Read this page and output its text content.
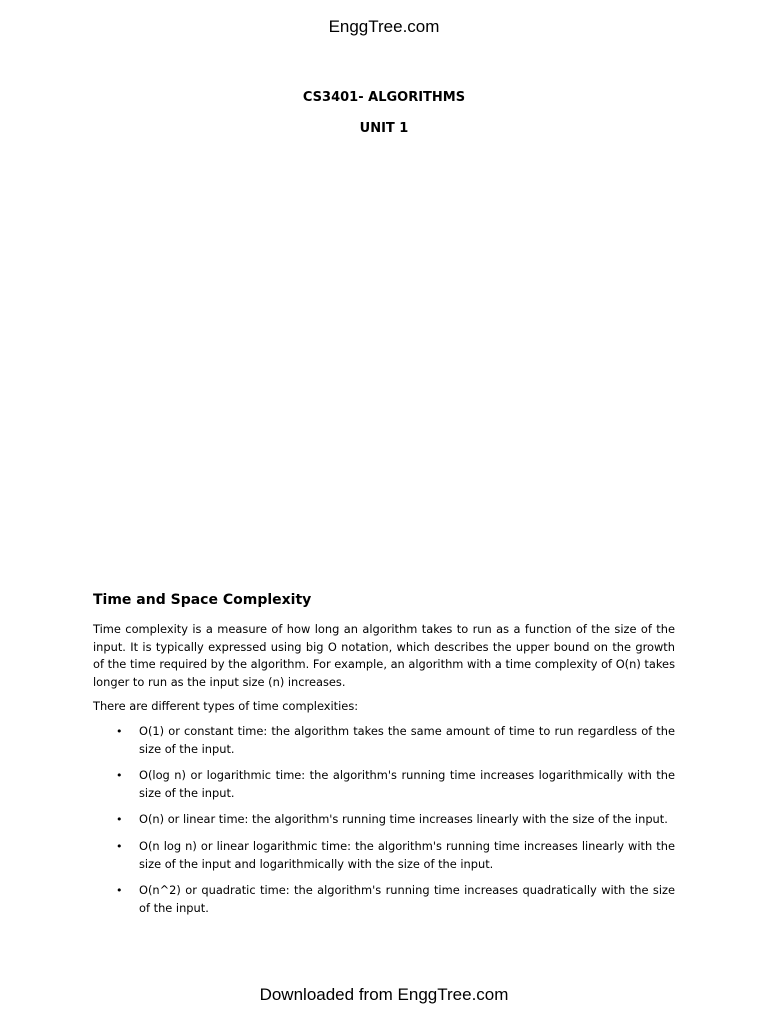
EnggTree.com
CS3401- ALGORITHMS
UNIT 1
Time and Space Complexity

Time complexity is a measure of how long an algorithm takes to run as a function of the size of the input. It is typically expressed using big O notation, which describes the upper bound on the growth of the time required by the algorithm. For example, an algorithm with a time complexity of O(n) takes longer to run as the input size (n) increases.

There are different types of time complexities:

• O(1) or constant time: the algorithm takes the same amount of time to run regardless of the size of the input.
• O(log n) or logarithmic time: the algorithm's running time increases logarithmically with the size of the input.
• O(n) or linear time: the algorithm's running time increases linearly with the size of the input.
• O(n log n) or linear logarithmic time: the algorithm's running time increases linearly with the size of the input and logarithmically with the size of the input.
• O(n^2) or quadratic time: the algorithm's running time increases quadratically with the size of the input.
Downloaded from EnggTree.com
